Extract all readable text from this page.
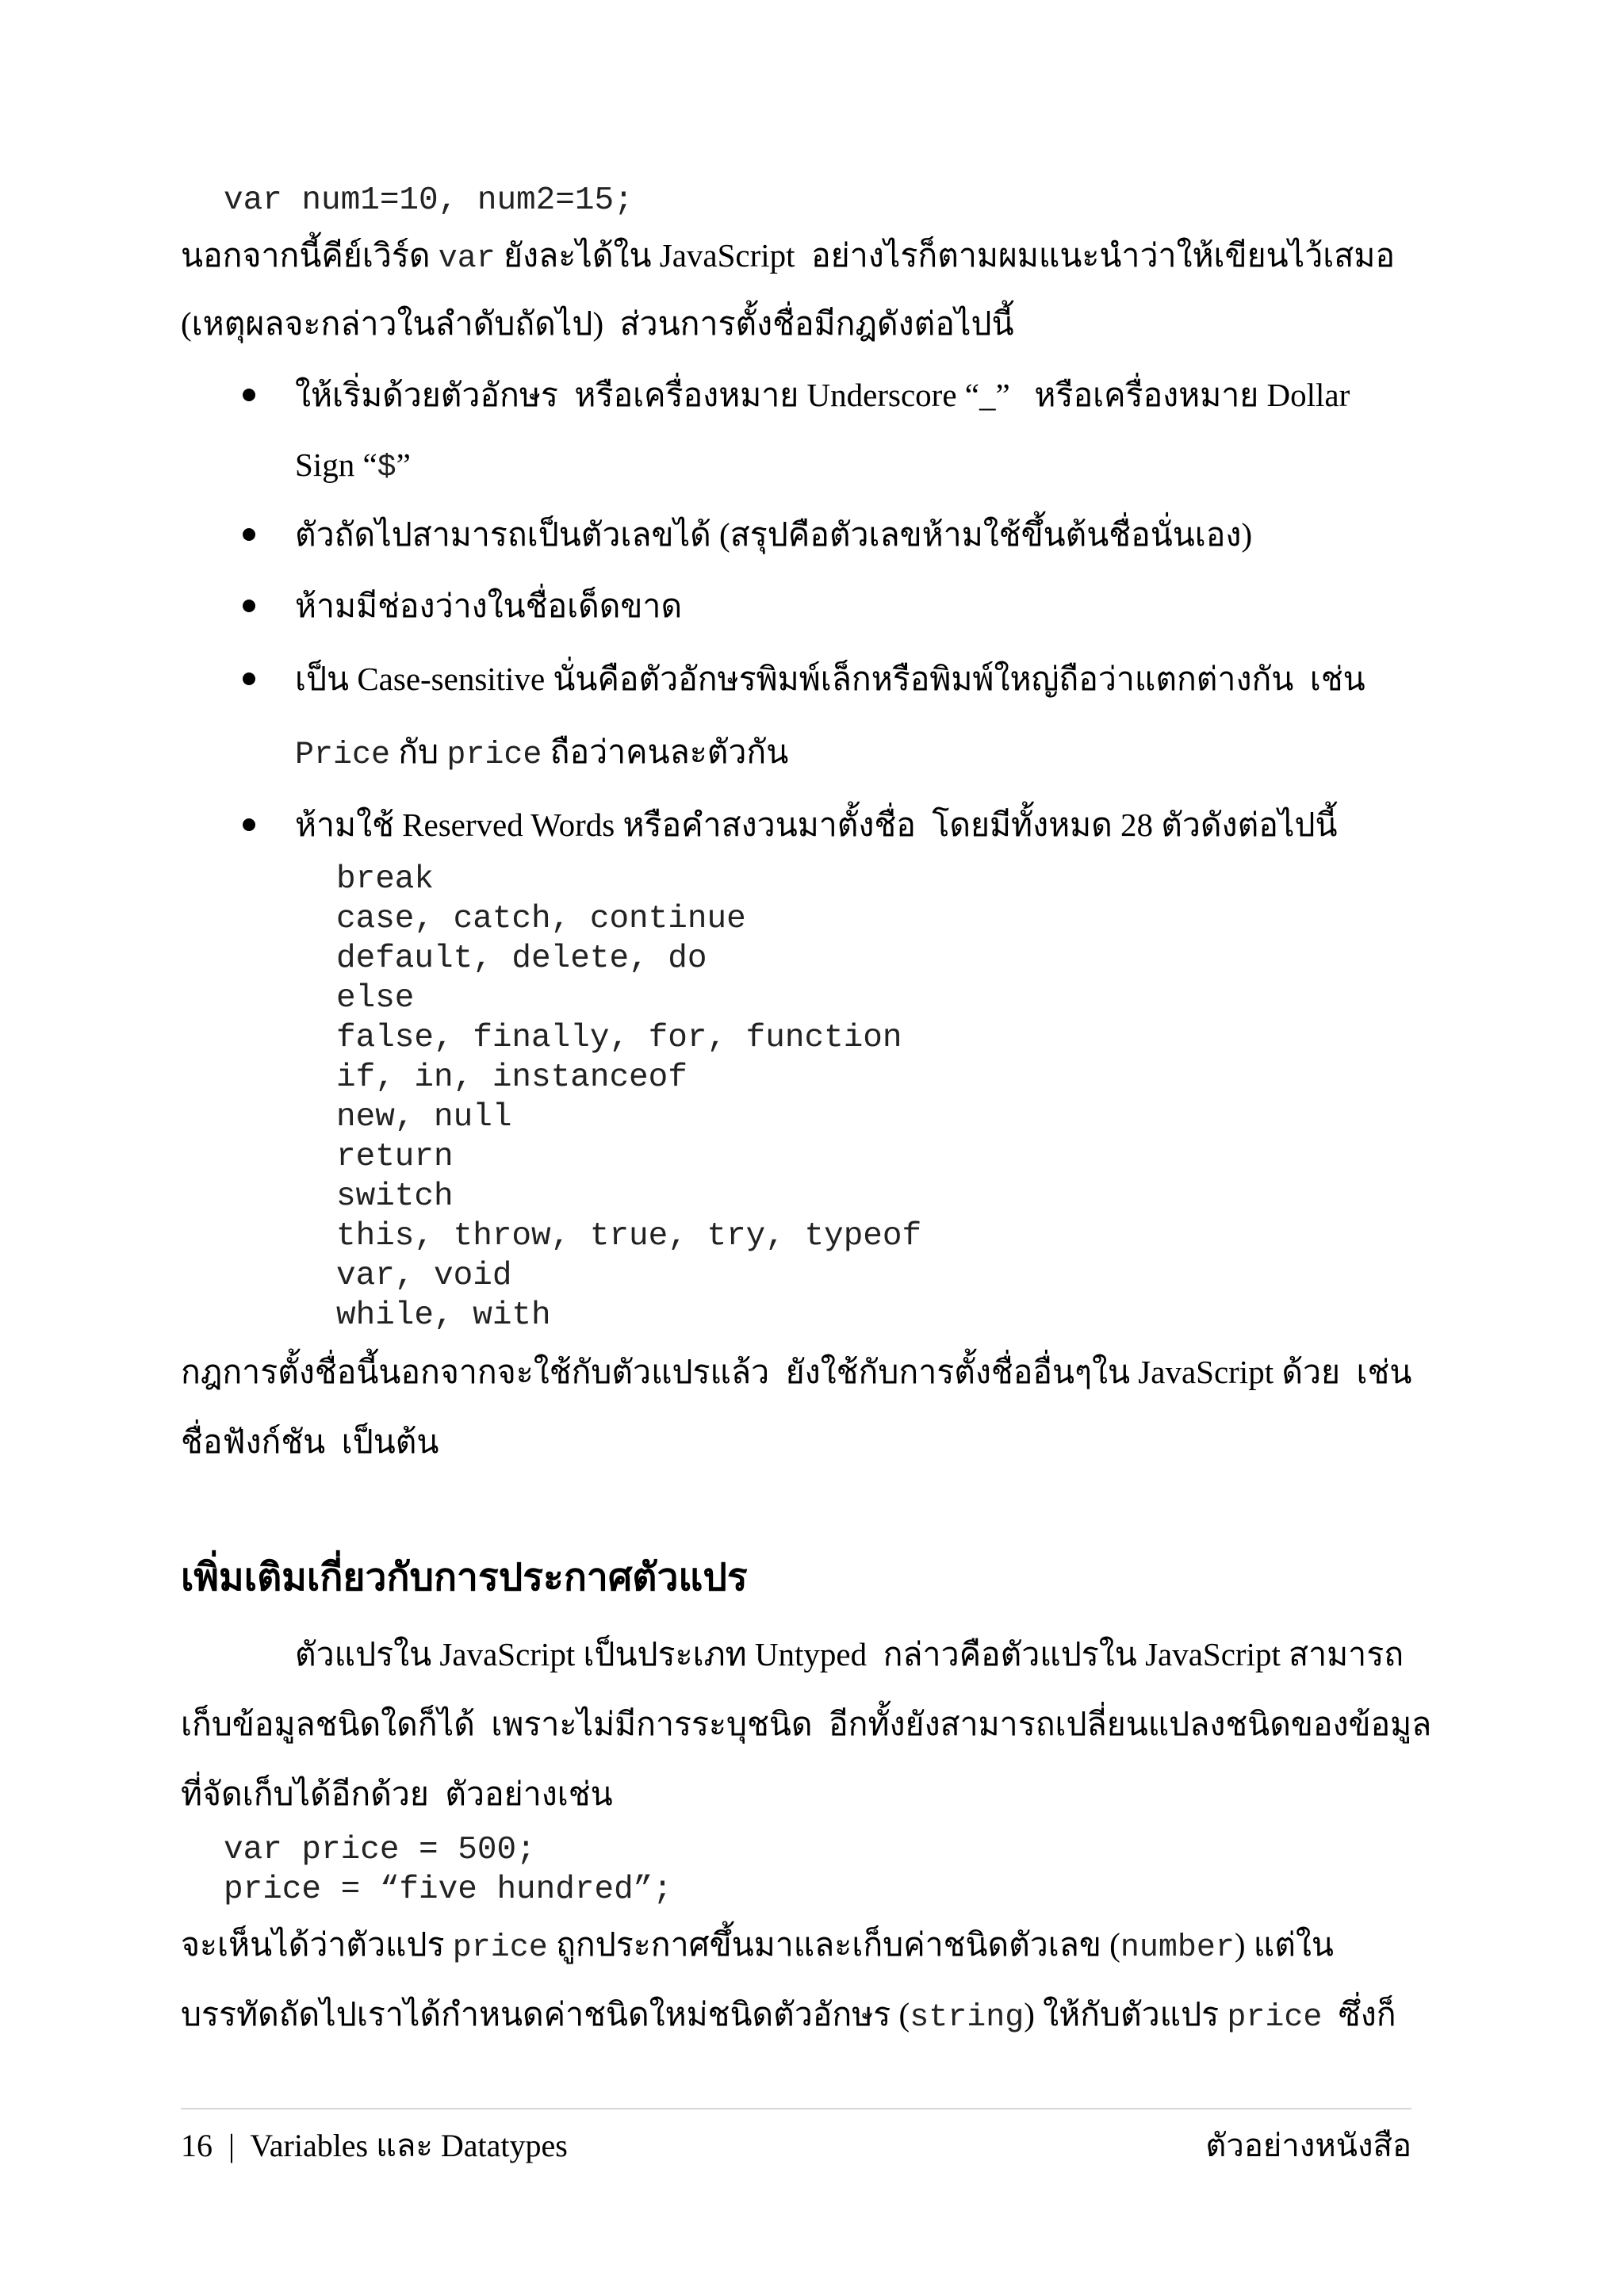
var num1=10, num2=15;
นอกจากนี้คีย์เวิร์ด var ยังละได้ใน JavaScript  อย่างไรก็ตามผมแนะนำว่าให้เขียนไว้เสมอ
(เหตุผลจะกล่าวในลำดับถัดไป)  ส่วนการตั้งชื่อมีกฎดังต่อไปนี้
ให้เริ่มด้วยตัวอักษร  หรือเครื่องหมาย Underscore “_”   หรือเครื่องหมาย Dollar
Sign “$”
ตัวถัดไปสามารถเป็นตัวเลขได้ (สรุปคือตัวเลขห้ามใช้ขึ้นต้นชื่อนั่นเอง)
ห้ามมีช่องว่างในชื่อเด็ดขาด
เป็น Case-sensitive นั่นคือตัวอักษรพิมพ์เล็กหรือพิมพ์ใหญ่ถือว่าแตกต่างกัน  เช่น
Price กับ price ถือว่าคนละตัวกัน
ห้ามใช้ Reserved Words หรือคำสงวนมาตั้งชื่อ  โดยมีทั้งหมด 28 ตัวดังต่อไปนี้
break
case, catch, continue
default, delete, do
else
false, finally, for, function
if, in, instanceof
new, null
return
switch
this, throw, true, try, typeof
var, void
while, with
กฎการตั้งชื่อนี้นอกจากจะใช้กับตัวแปรแล้ว  ยังใช้กับการตั้งชื่ออื่นๆใน JavaScript ด้วย  เช่น
ชื่อฟังก์ชัน  เป็นต้น
เพิ่มเติมเกี่ยวกับการประกาศตัวแปร
ตัวแปรใน JavaScript เป็นประเภท Untyped  กล่าวคือตัวแปรใน JavaScript สามารถ
เก็บข้อมูลชนิดใดก็ได้  เพราะไม่มีการระบุชนิด  อีกทั้งยังสามารถเปลี่ยนแปลงชนิดของข้อมูล
ที่จัดเก็บได้อีกด้วย  ตัวอย่างเช่น
var price = 500;
price = “five hundred”;
จะเห็นได้ว่าตัวแปร price ถูกประกาศขึ้นมาและเก็บค่าชนิดตัวเลข (number) แต่ใน
บรรทัดถัดไปเราได้กำหนดค่าชนิดใหม่ชนิดตัวอักษร (string) ให้กับตัวแปร price  ซึ่งก็
16 | Variables และ Datatypes	ตัวอย่างหนังสือ
